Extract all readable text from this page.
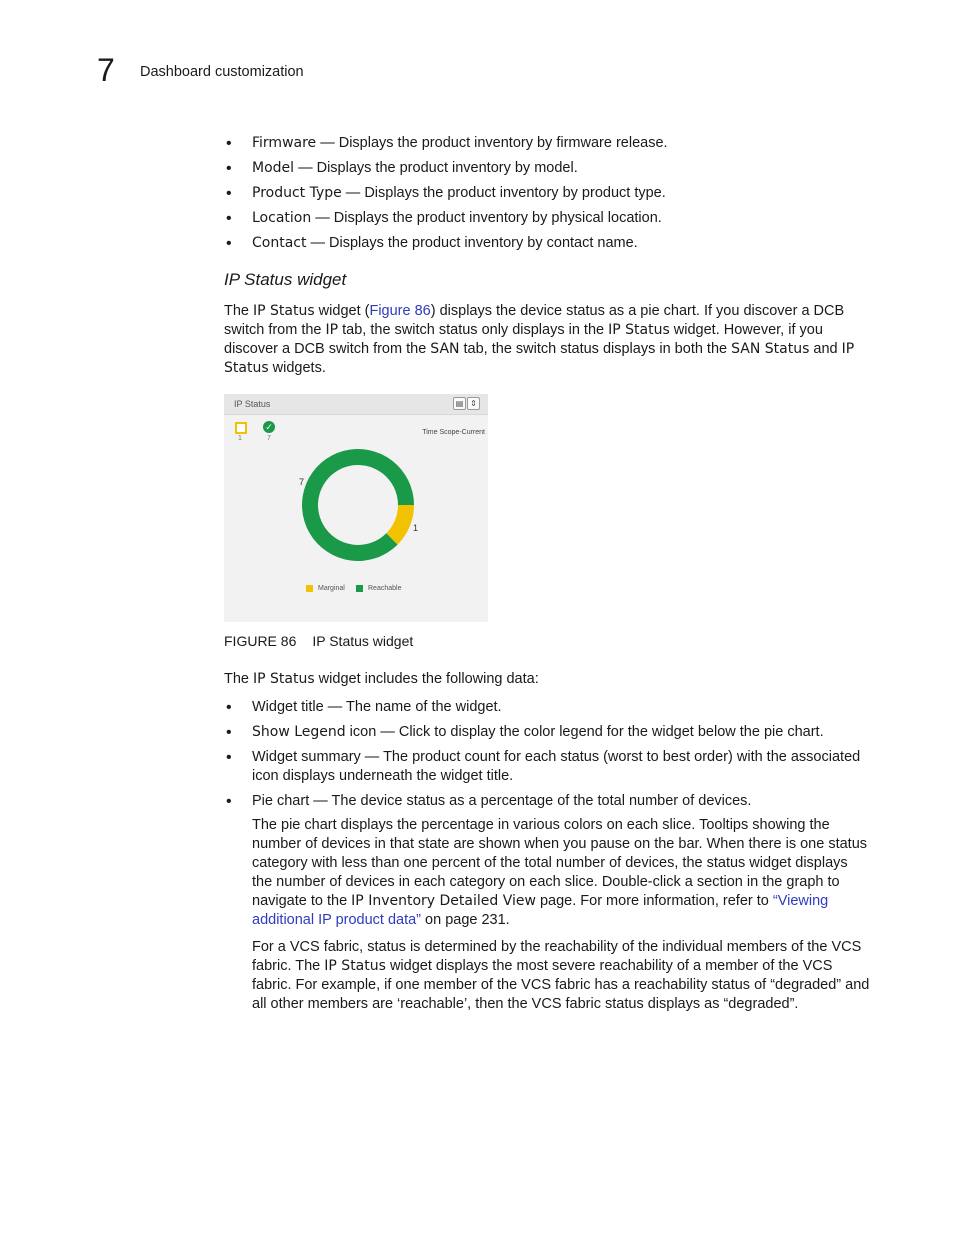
7 Dashboard customization
• Firmware — Displays the product inventory by firmware release.
• Model — Displays the product inventory by model.
• Product Type — Displays the product inventory by product type.
• Location — Displays the product inventory by physical location.
• Contact — Displays the product inventory by contact name.
IP Status widget

The IP Status widget (Figure 86) displays the device status as a pie chart. If you discover a DCB switch from the IP tab, the switch status only displays in the IP Status widget. However, if you discover a DCB switch from the SAN tab, the switch status displays in both the SAN Status and IP Status widgets.

IP Status	▤ ⇕
✓
1	7
Time Scope-Current
7
1
Marginal	Reachable
FIGURE 86 IP Status widget

The IP Status widget includes the following data:

• Widget title — The name of the widget.
• Show Legend icon — Click to display the color legend for the widget below the pie chart.
• Widget summary — The product count for each status (worst to best order) with the associated icon displays underneath the widget title.
• Pie chart — The device status as a percentage of the total number of devices.

The pie chart displays the percentage in various colors on each slice. Tooltips showing the number of devices in that state are shown when you pause on the bar. When there is one status category with less than one percent of the total number of devices, the status widget displays the number of devices in each category on each slice. Double-click a section in the graph to navigate to the IP Inventory Detailed View page. For more information, refer to “Viewing additional IP product data” on page 231.

For a VCS fabric, status is determined by the reachability of the individual members of the VCS fabric. The IP Status widget displays the most severe reachability of a member of the VCS fabric. For example, if one member of the VCS fabric has a reachability status of “degraded” and all other members are ‘reachable’, then the VCS fabric status displays as “degraded”.
